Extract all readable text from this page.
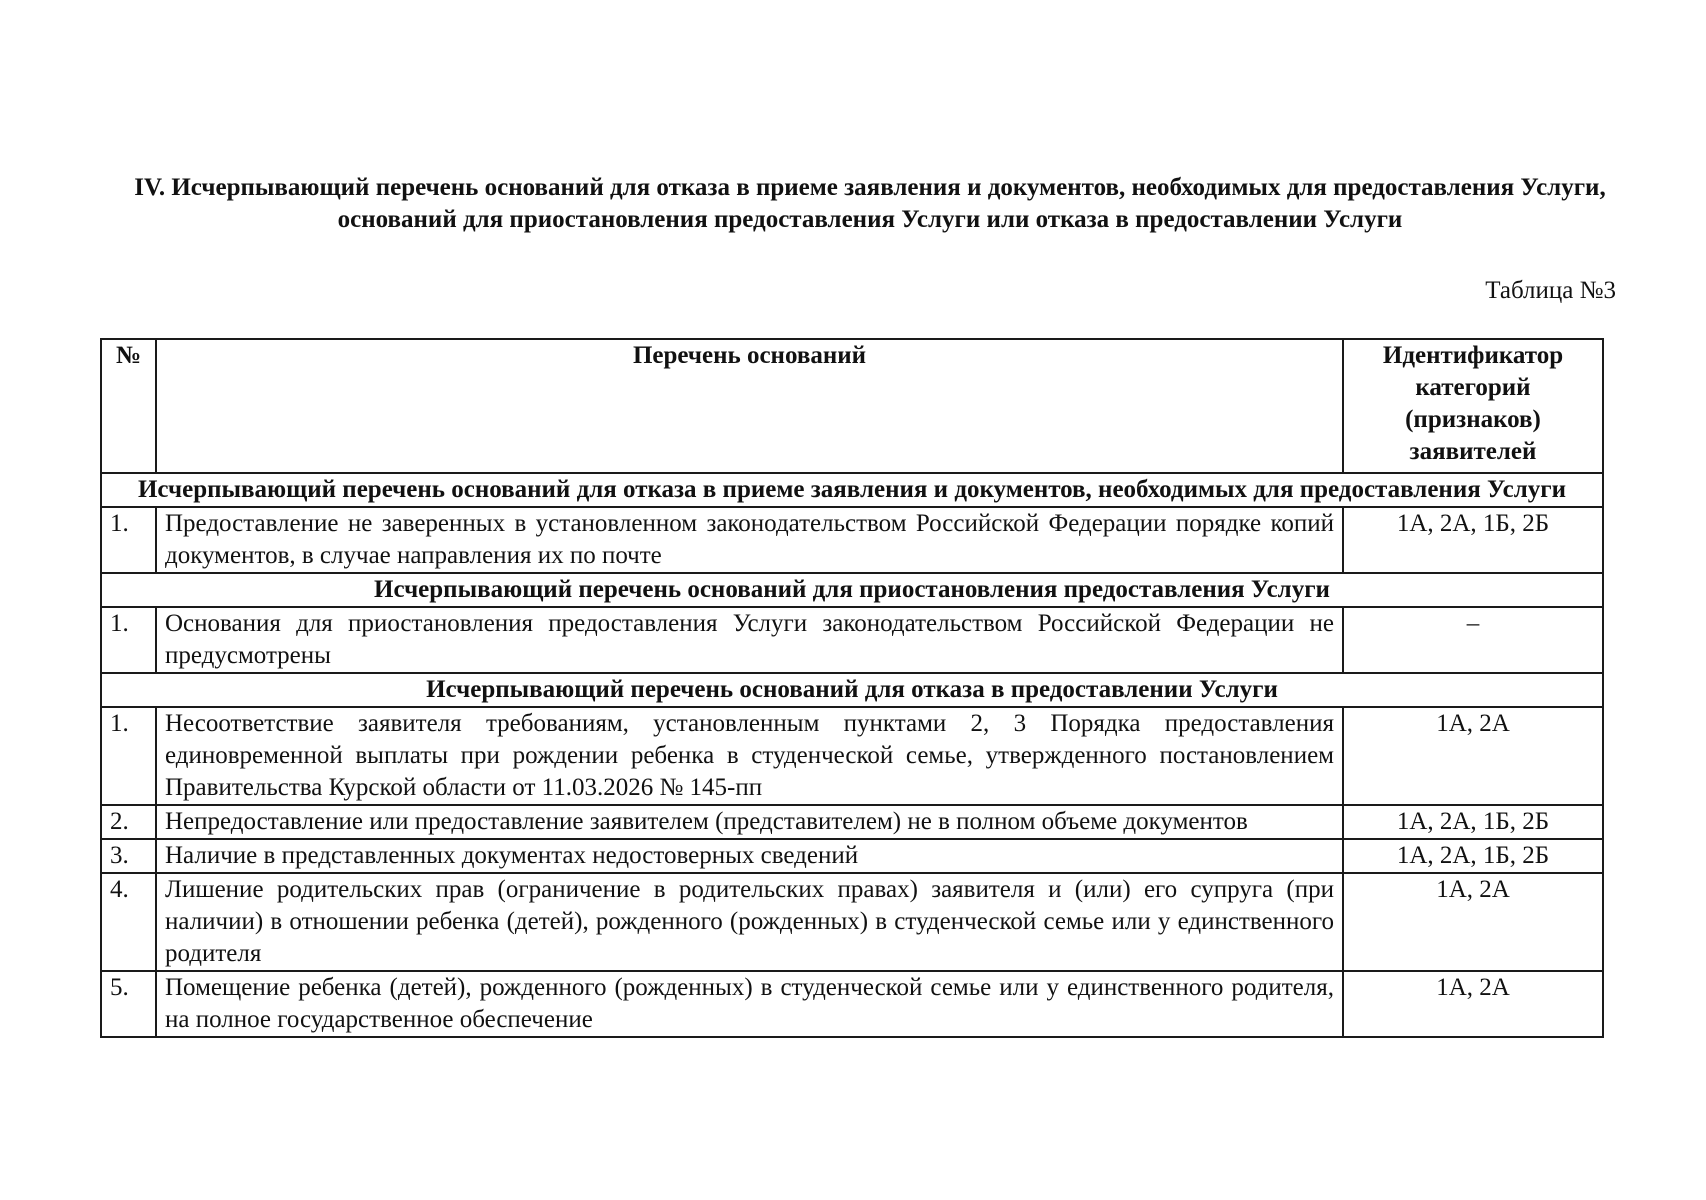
IV. Исчерпывающий перечень оснований для отказа в приеме заявления и документов, необходимых для предоставления Услуги, оснований для приостановления предоставления Услуги или отказа в предоставлении Услуги
Таблица №3
№	Перечень оснований	Идентификатор категорий (признаков) заявителей
Исчерпывающий перечень оснований для отказа в приеме заявления и документов, необходимых для предоставления Услуги		
1.	Предоставление не заверенных в установленном законодательством Российской Федерации порядке копий документов, в случае направления их по почте	1А, 2А, 1Б, 2Б
Исчерпывающий перечень оснований для приостановления предоставления Услуги		
1.	Основания для приостановления предоставления Услуги законодательством Российской Федерации не предусмотрены	–
Исчерпывающий перечень оснований для отказа в предоставлении Услуги		
1.	Несоответствие заявителя требованиям, установленным пунктами 2, 3 Порядка предоставления единовременной выплаты при рождении ребенка в студенческой семье, утвержденного постановлением Правительства Курской области от 11.03.2026 № 145-пп	1А, 2А
2.	Непредоставление или предоставление заявителем (представителем) не в полном объеме документов	1А, 2А, 1Б, 2Б
3.	Наличие в представленных документах недостоверных сведений	1А, 2А, 1Б, 2Б
4.	Лишение родительских прав (ограничение в родительских правах) заявителя и (или) его супруга (при наличии) в отношении ребенка (детей), рожденного (рожденных) в студенческой семье или у единственного родителя	1А, 2А
5.	Помещение ребенка (детей), рожденного (рожденных) в студенческой семье или у единственного родителя, на полное государственное обеспечение	1А, 2А
